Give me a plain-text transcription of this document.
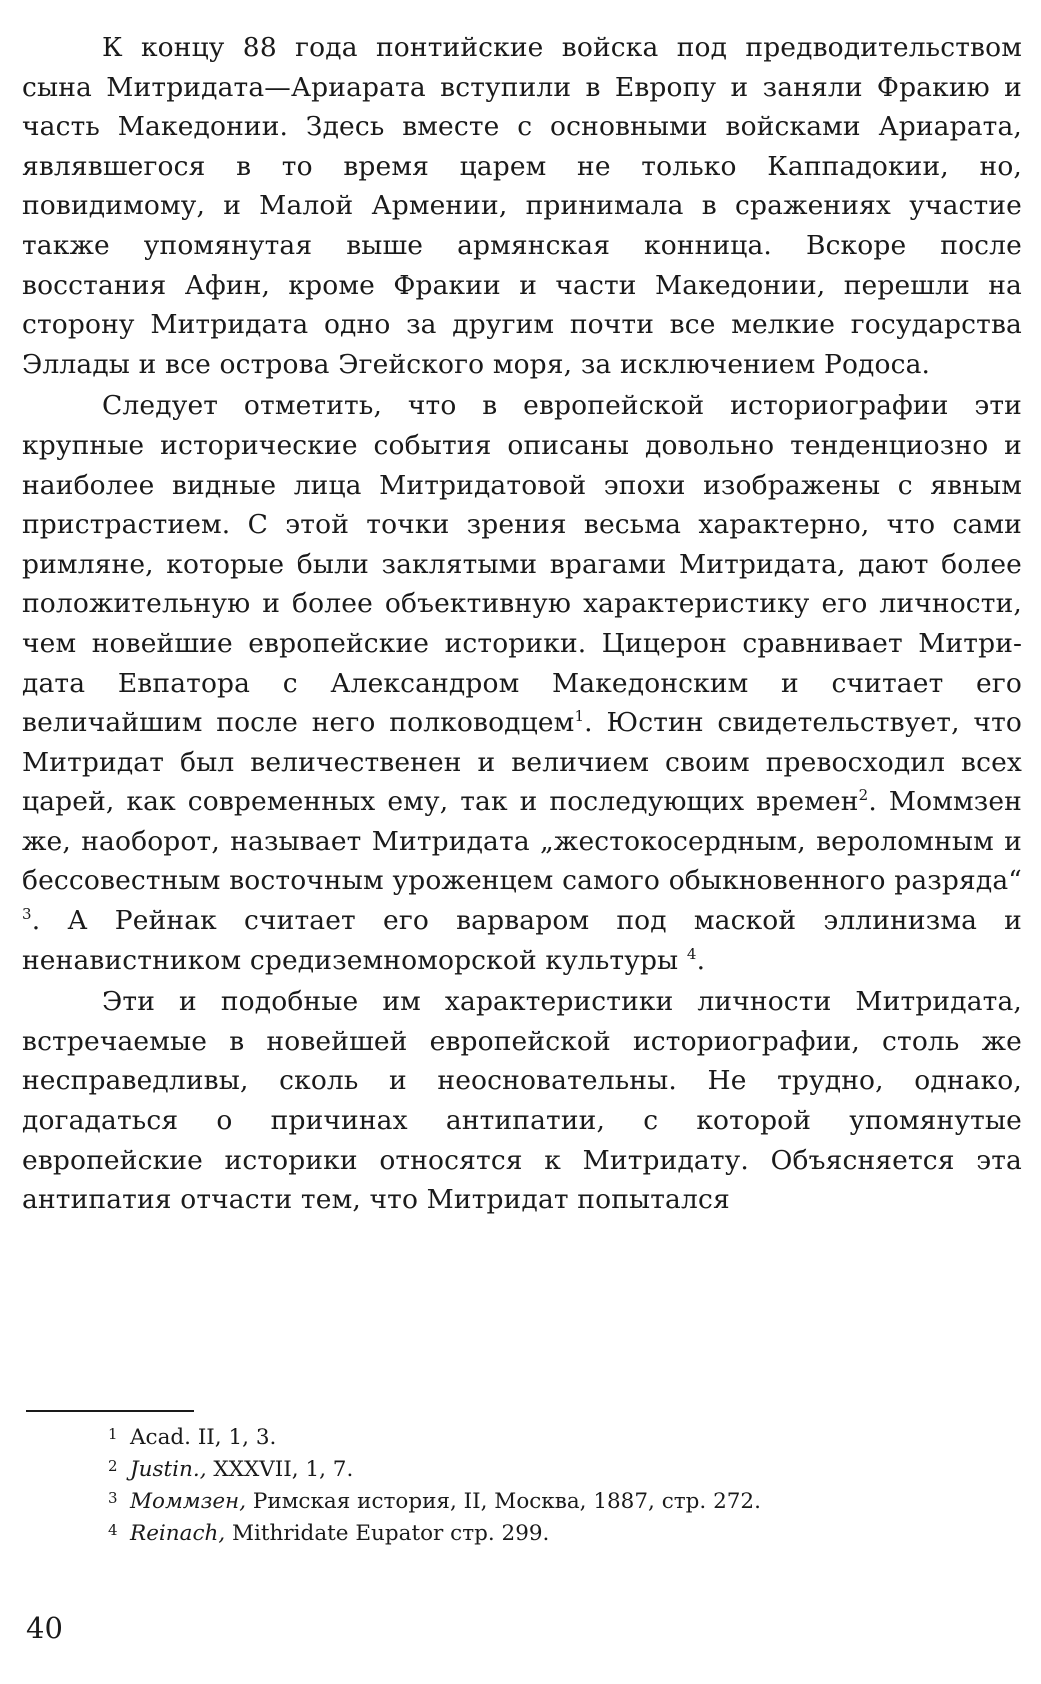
К концу 88 года понтийские войска под предводительством сына Митридата—Ариарата вступили в Европу и заняли Фракию и часть Македонии. Здесь вместе с основными войсками Ариарата, являвшегося в то время царем не только Каппадокии, но, повидимому, и Малой Армении, принимала в сражениях участие также упомянутая выше армянская конница. Вскоре после восстания Афин, кроме Фракии и части Македонии, перешли на сторону Митридата одно за другим почти все мелкие государства Эллады и все острова Эгейского моря, за исключением Родоса.

Следует отметить, что в европейской историографии эти крупные исторические события описаны довольно тенденциозно и наиболее видные лица Митридатовой эпохи изображены с явным пристрастием. С этой точки зрения весьма характерно, что сами римляне, которые были заклятыми врагами Митридата, дают более положительную и более объективную характеристику его личности, чем новейшие европейские историки. Цицерон сравнивает Митридата Евпатора с Александром Македонским и считает его величайшим после него полководцем$^1$. Юстин свидетельствует, что Митридат был величественен и величием своим превосходил всех царей, как современных ему, так и последующих времен$^2$. Моммзен же, наоборот, называет Митридата „жестокосердным, вероломным и бессовестным восточным уроженцем самого обыкновенного разряда“ $^3$. А Рейнак считает его варваром под маской эллинизма и ненавистником средиземноморской культуры $^4$.

Эти и подобные им характеристики личности Митридата, встречаемые в новейшей европейской историографии, столь же несправедливы, сколь и неосновательны. Не трудно, однако, догадаться о причинах антипатии, с которой упомянутые европейские историки относятся к Митридату. Объясняется эта антипатия отчасти тем, что Митридат попытался

1 Acad. II, 1, 3.

2 Justin., XXXVII, 1, 7.

3 Моммзен, Римская история, II, Москва, 1887, стр. 272.

4 Reinach, Mithridate Eupator стр. 299.

40
